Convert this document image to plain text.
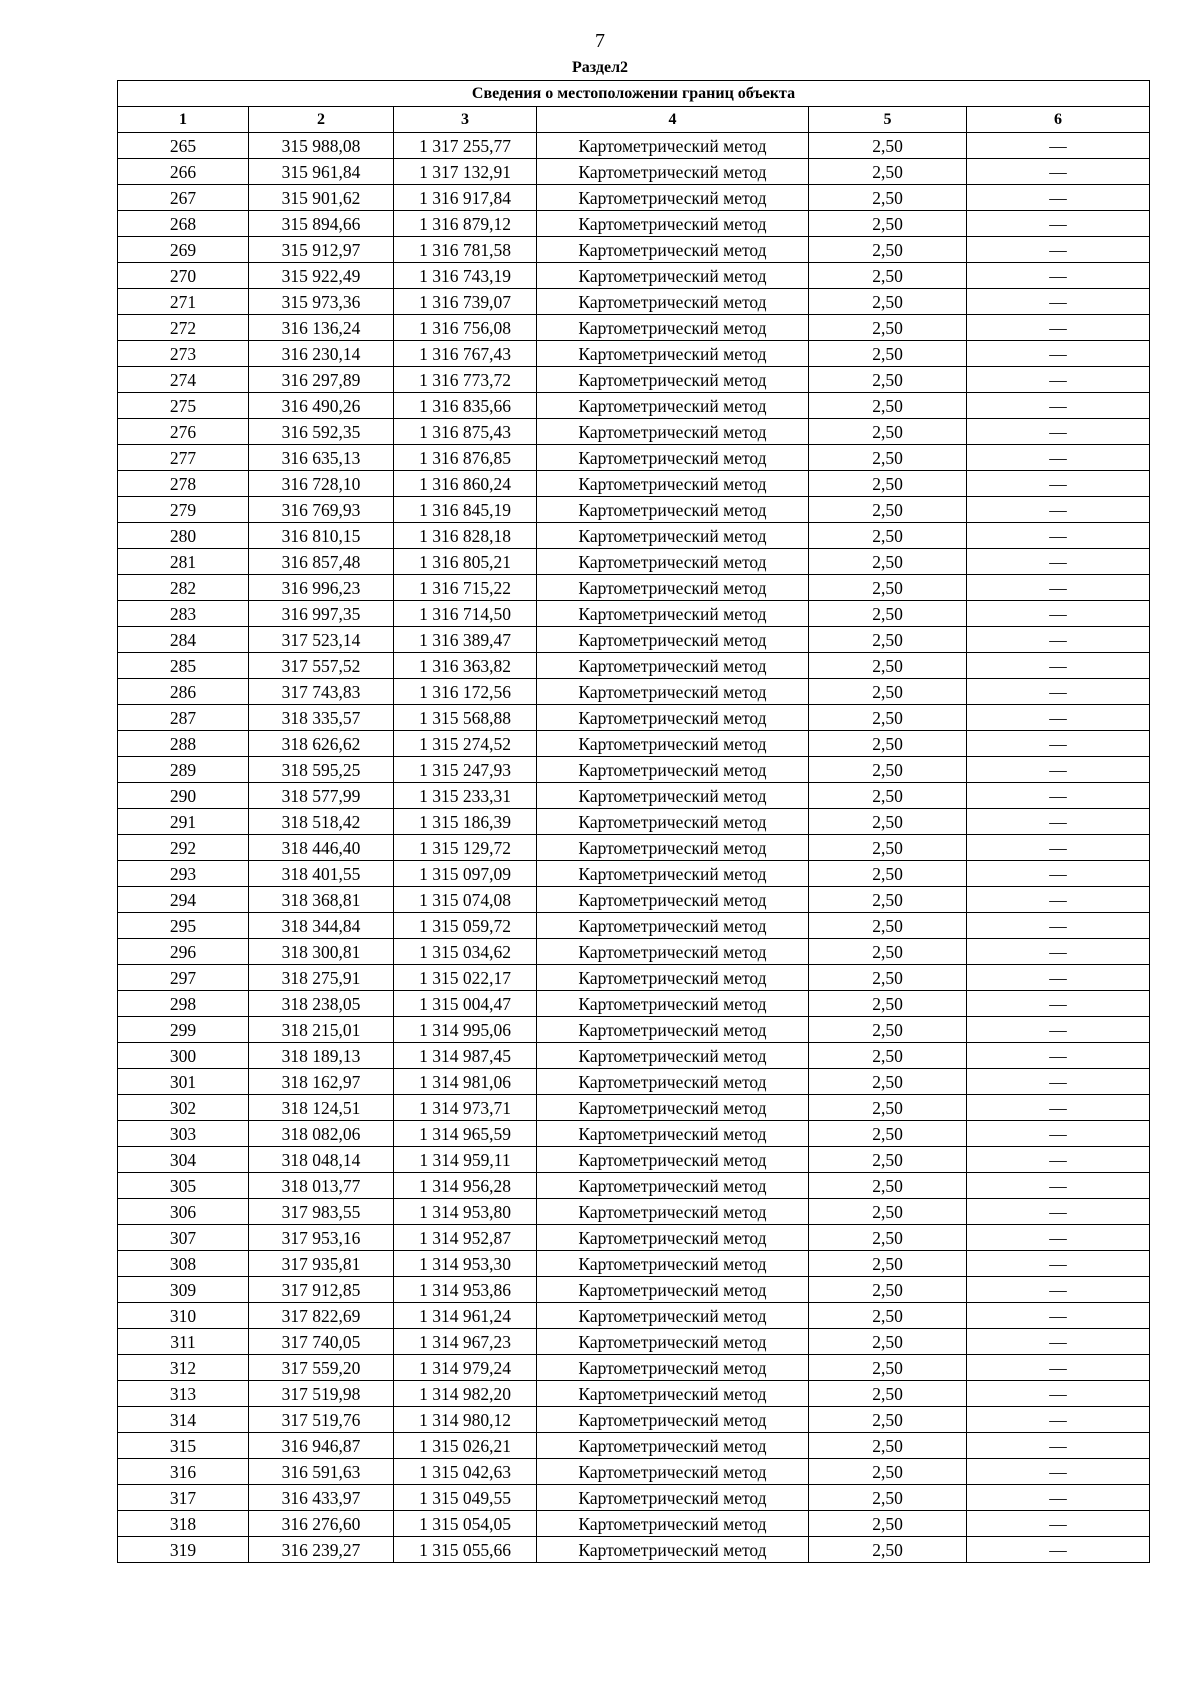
7
Раздел2
Сведения о местоположении границ объекта					
1	2	3	4	5	6
265	315 988,08	1 317 255,77	Картометрический метод	2,50	—
266	315 961,84	1 317 132,91	Картометрический метод	2,50	—
267	315 901,62	1 316 917,84	Картометрический метод	2,50	—
268	315 894,66	1 316 879,12	Картометрический метод	2,50	—
269	315 912,97	1 316 781,58	Картометрический метод	2,50	—
270	315 922,49	1 316 743,19	Картометрический метод	2,50	—
271	315 973,36	1 316 739,07	Картометрический метод	2,50	—
272	316 136,24	1 316 756,08	Картометрический метод	2,50	—
273	316 230,14	1 316 767,43	Картометрический метод	2,50	—
274	316 297,89	1 316 773,72	Картометрический метод	2,50	—
275	316 490,26	1 316 835,66	Картометрический метод	2,50	—
276	316 592,35	1 316 875,43	Картометрический метод	2,50	—
277	316 635,13	1 316 876,85	Картометрический метод	2,50	—
278	316 728,10	1 316 860,24	Картометрический метод	2,50	—
279	316 769,93	1 316 845,19	Картометрический метод	2,50	—
280	316 810,15	1 316 828,18	Картометрический метод	2,50	—
281	316 857,48	1 316 805,21	Картометрический метод	2,50	—
282	316 996,23	1 316 715,22	Картометрический метод	2,50	—
283	316 997,35	1 316 714,50	Картометрический метод	2,50	—
284	317 523,14	1 316 389,47	Картометрический метод	2,50	—
285	317 557,52	1 316 363,82	Картометрический метод	2,50	—
286	317 743,83	1 316 172,56	Картометрический метод	2,50	—
287	318 335,57	1 315 568,88	Картометрический метод	2,50	—
288	318 626,62	1 315 274,52	Картометрический метод	2,50	—
289	318 595,25	1 315 247,93	Картометрический метод	2,50	—
290	318 577,99	1 315 233,31	Картометрический метод	2,50	—
291	318 518,42	1 315 186,39	Картометрический метод	2,50	—
292	318 446,40	1 315 129,72	Картометрический метод	2,50	—
293	318 401,55	1 315 097,09	Картометрический метод	2,50	—
294	318 368,81	1 315 074,08	Картометрический метод	2,50	—
295	318 344,84	1 315 059,72	Картометрический метод	2,50	—
296	318 300,81	1 315 034,62	Картометрический метод	2,50	—
297	318 275,91	1 315 022,17	Картометрический метод	2,50	—
298	318 238,05	1 315 004,47	Картометрический метод	2,50	—
299	318 215,01	1 314 995,06	Картометрический метод	2,50	—
300	318 189,13	1 314 987,45	Картометрический метод	2,50	—
301	318 162,97	1 314 981,06	Картометрический метод	2,50	—
302	318 124,51	1 314 973,71	Картометрический метод	2,50	—
303	318 082,06	1 314 965,59	Картометрический метод	2,50	—
304	318 048,14	1 314 959,11	Картометрический метод	2,50	—
305	318 013,77	1 314 956,28	Картометрический метод	2,50	—
306	317 983,55	1 314 953,80	Картометрический метод	2,50	—
307	317 953,16	1 314 952,87	Картометрический метод	2,50	—
308	317 935,81	1 314 953,30	Картометрический метод	2,50	—
309	317 912,85	1 314 953,86	Картометрический метод	2,50	—
310	317 822,69	1 314 961,24	Картометрический метод	2,50	—
311	317 740,05	1 314 967,23	Картометрический метод	2,50	—
312	317 559,20	1 314 979,24	Картометрический метод	2,50	—
313	317 519,98	1 314 982,20	Картометрический метод	2,50	—
314	317 519,76	1 314 980,12	Картометрический метод	2,50	—
315	316 946,87	1 315 026,21	Картометрический метод	2,50	—
316	316 591,63	1 315 042,63	Картометрический метод	2,50	—
317	316 433,97	1 315 049,55	Картометрический метод	2,50	—
318	316 276,60	1 315 054,05	Картометрический метод	2,50	—
319	316 239,27	1 315 055,66	Картометрический метод	2,50	—
